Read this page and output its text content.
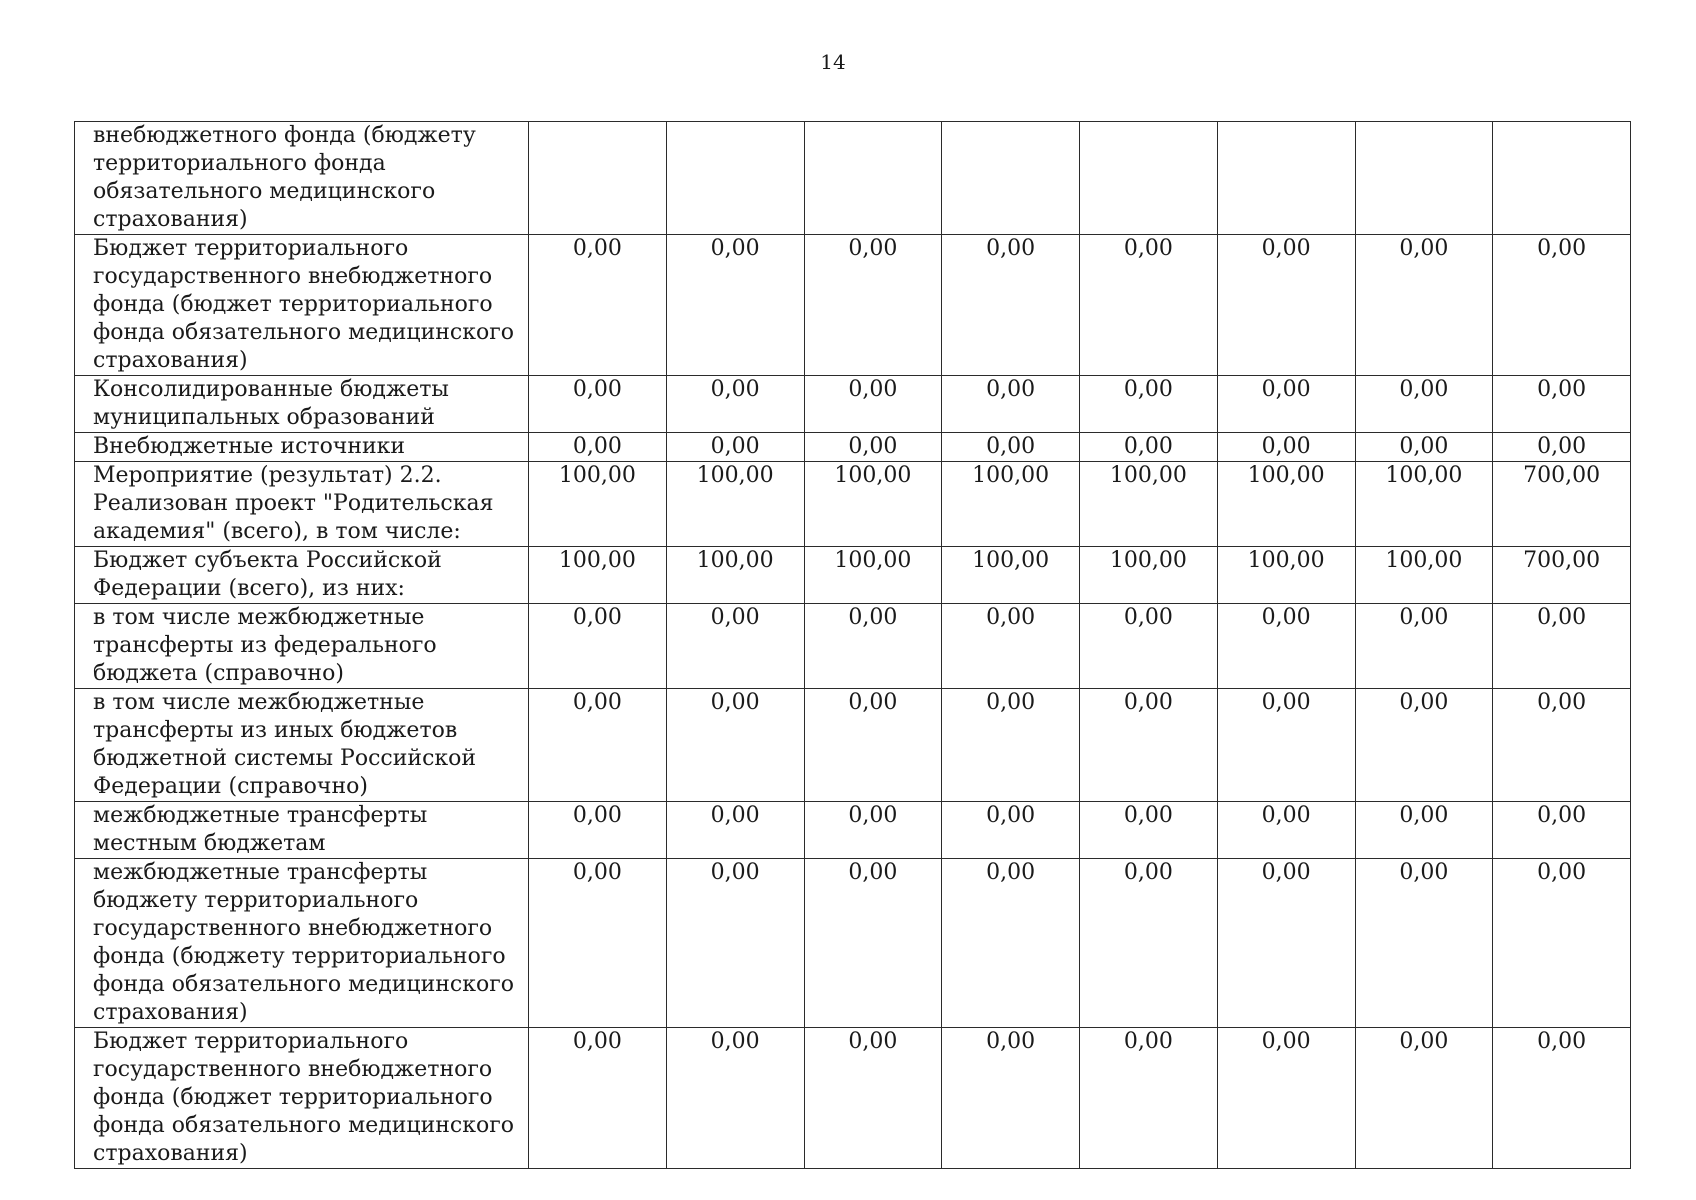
14
внебюджетного фонда (бюджету территориального фонда обязательного медицинского страхования)								

Бюджет территориального государственного внебюджетного фонда (бюджет территориального фонда обязательного медицинского страхования)	0,00	0,00	0,00	0,00	0,00	0,00	0,00	0,00

Консолидированные бюджеты муниципальных образований	0,00	0,00	0,00	0,00	0,00	0,00	0,00	0,00

Внебюджетные источники	0,00	0,00	0,00	0,00	0,00	0,00	0,00	0,00

Мероприятие (результат) 2.2. Реализован проект "Родительская академия" (всего), в том числе:	100,00	100,00	100,00	100,00	100,00	100,00	100,00	700,00

Бюджет субъекта Российской Федерации (всего), из них:	100,00	100,00	100,00	100,00	100,00	100,00	100,00	700,00

в том числе межбюджетные трансферты из федерального бюджета (справочно)	0,00	0,00	0,00	0,00	0,00	0,00	0,00	0,00

в том числе межбюджетные трансферты из иных бюджетов бюджетной системы Российской Федерации (справочно)	0,00	0,00	0,00	0,00	0,00	0,00	0,00	0,00

межбюджетные трансферты местным бюджетам	0,00	0,00	0,00	0,00	0,00	0,00	0,00	0,00

межбюджетные трансферты бюджету территориального государственного внебюджетного фонда (бюджету территориального фонда обязательного медицинского страхования)	0,00	0,00	0,00	0,00	0,00	0,00	0,00	0,00

Бюджет территориального государственного внебюджетного фонда (бюджет территориального фонда обязательного медицинского страхования)	0,00	0,00	0,00	0,00	0,00	0,00	0,00	0,00
